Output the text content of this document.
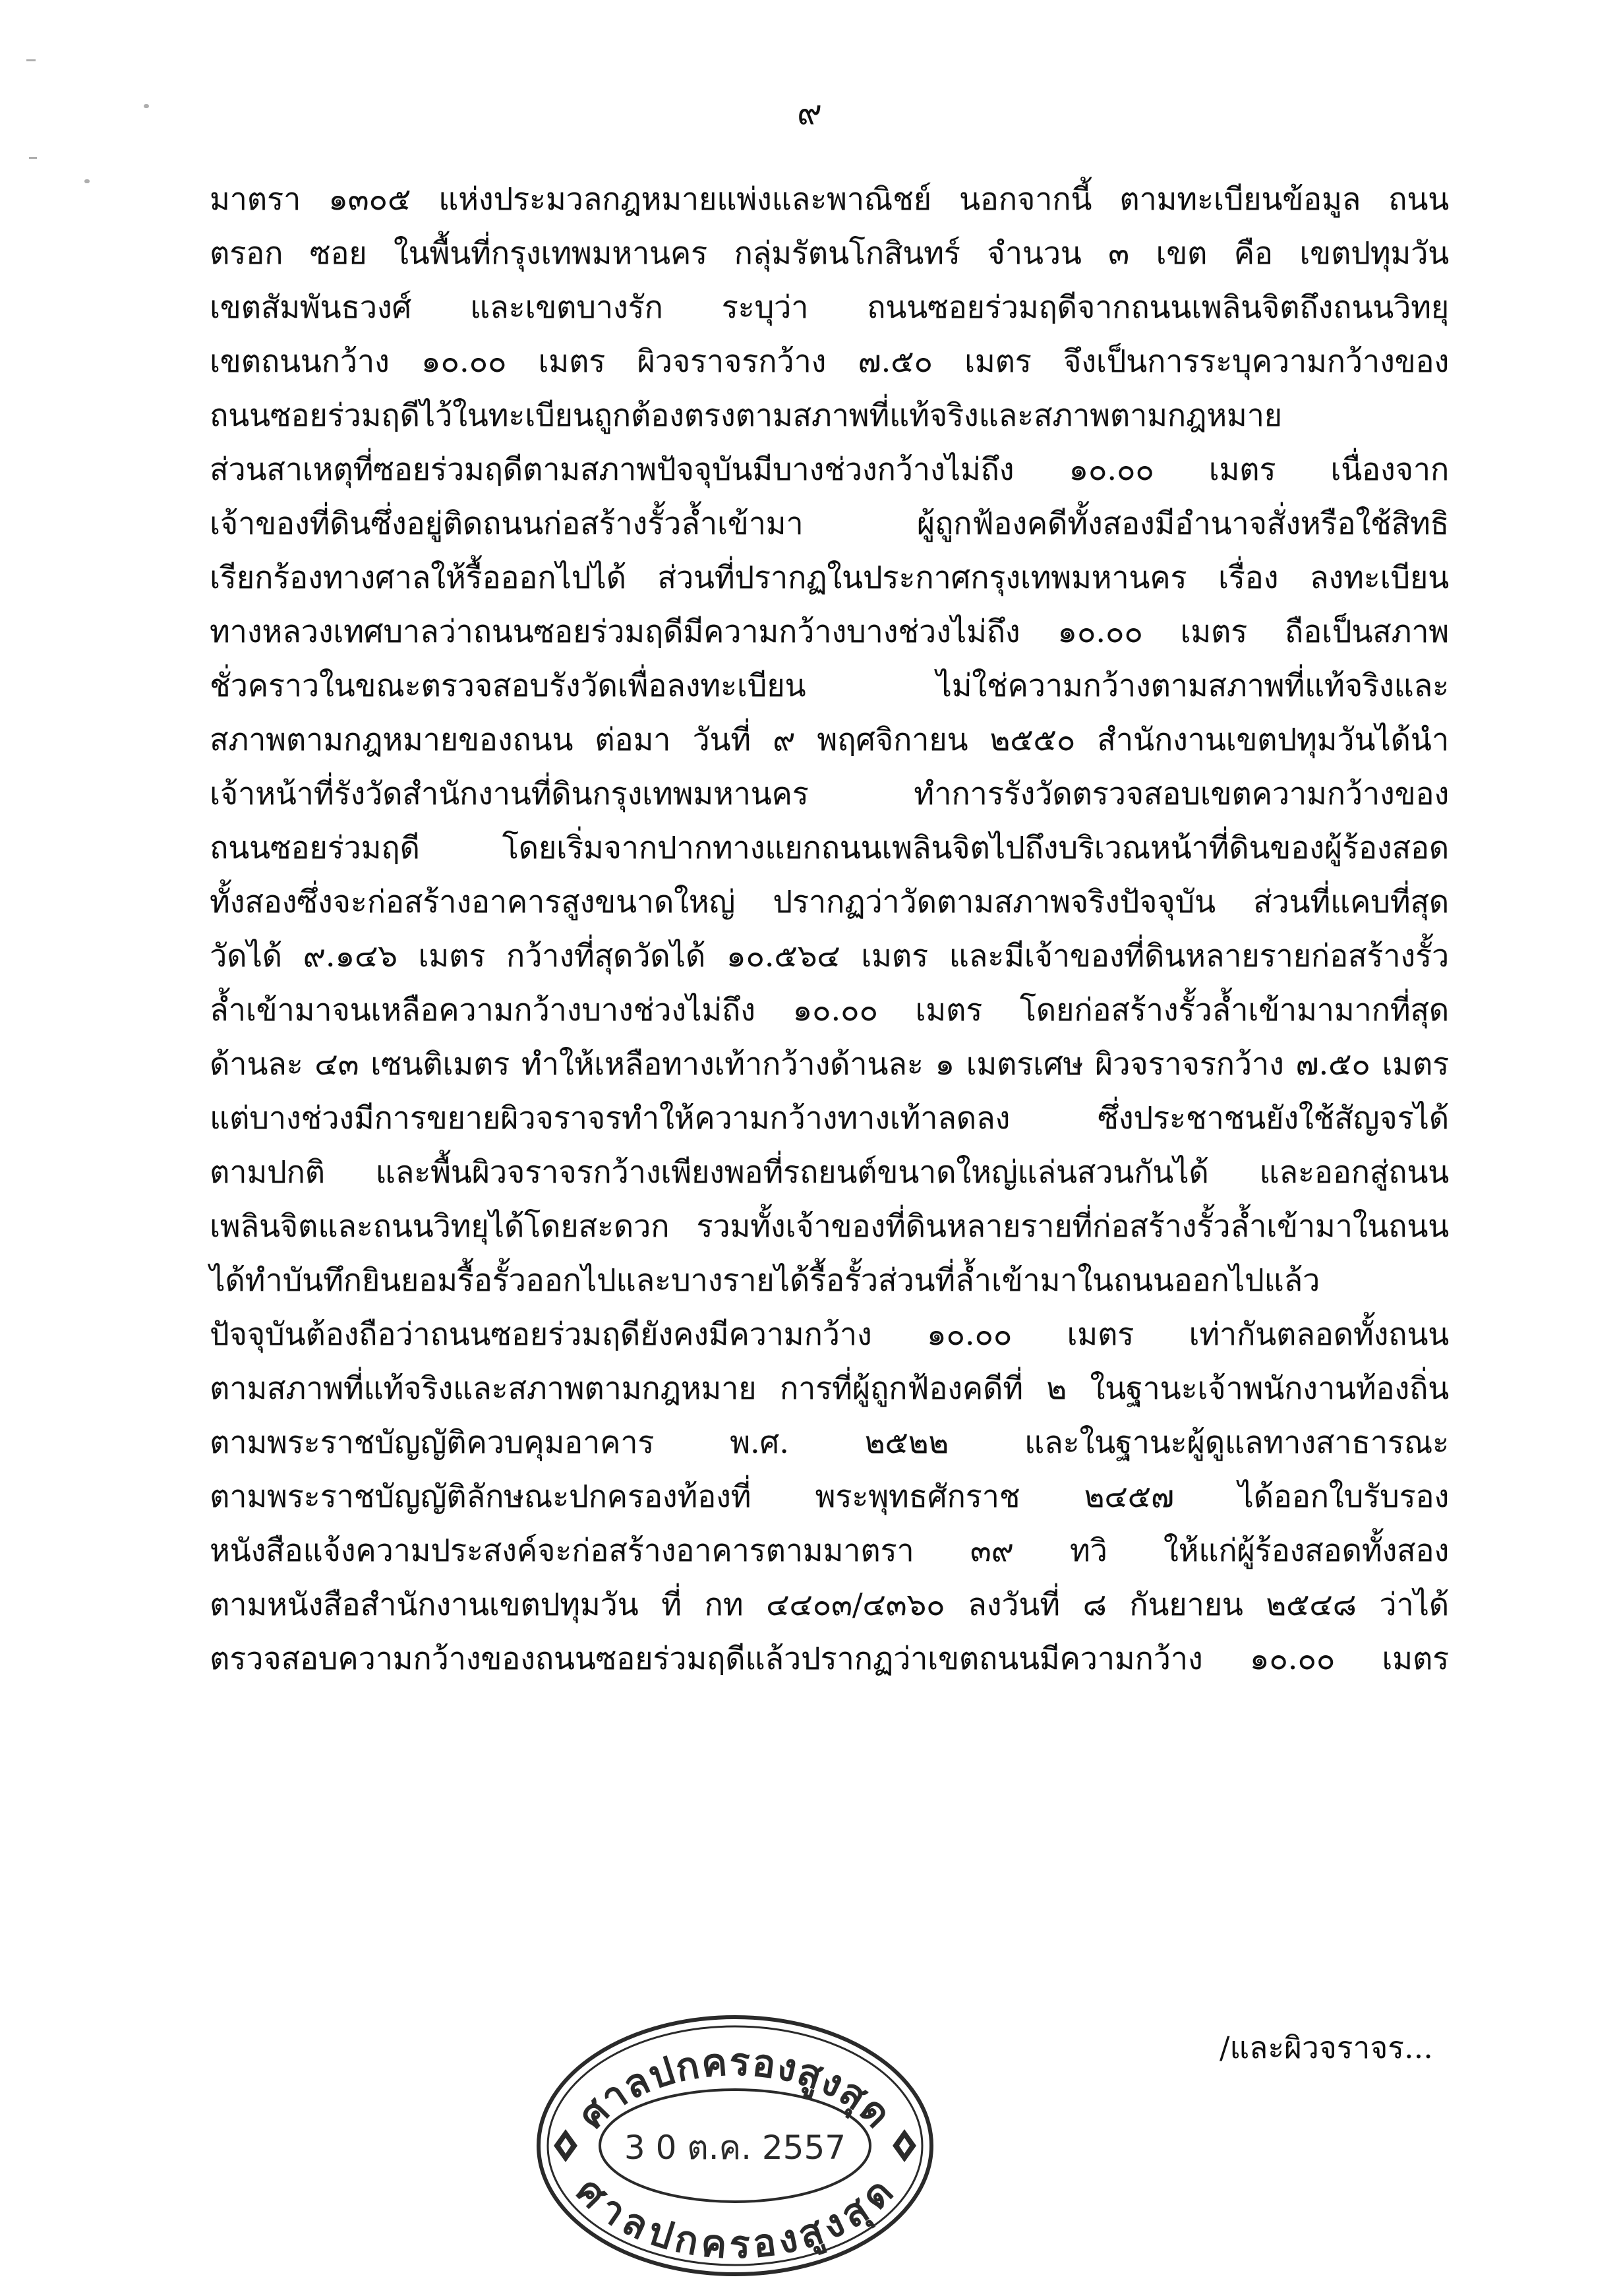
๙
มาตรา ๑๓๐๕ แห่งประมวลกฎหมายแพ่งและพาณิชย์ นอกจากนี้ ตามทะเบียนข้อมูล ถนน
ตรอก ซอย ในพื้นที่กรุงเทพมหานคร กลุ่มรัตนโกสินทร์ จำนวน ๓ เขต คือ เขตปทุมวัน
เขตสัมพันธวงศ์ และเขตบางรัก ระบุว่า ถนนซอยร่วมฤดีจากถนนเพลินจิตถึงถนนวิทยุ
เขตถนนกว้าง ๑๐.๐๐ เมตร ผิวจราจรกว้าง ๗.๕๐ เมตร จึงเป็นการระบุความกว้างของ
ถนนซอยร่วมฤดีไว้ในทะเบียนถูกต้องตรงตามสภาพที่แท้จริงและสภาพตามกฎหมาย
ส่วนสาเหตุที่ซอยร่วมฤดีตามสภาพปัจจุบันมีบางช่วงกว้างไม่ถึง ๑๐.๐๐ เมตร เนื่องจาก
เจ้าของที่ดินซึ่งอยู่ติดถนนก่อสร้างรั้วล้ำเข้ามา ผู้ถูกฟ้องคดีทั้งสองมีอำนาจสั่งหรือใช้สิทธิ
เรียกร้องทางศาลให้รื้อออกไปได้ ส่วนที่ปรากฏในประกาศกรุงเทพมหานคร เรื่อง ลงทะเบียน
ทางหลวงเทศบาลว่าถนนซอยร่วมฤดีมีความกว้างบางช่วงไม่ถึง ๑๐.๐๐ เมตร ถือเป็นสภาพ
ชั่วคราวในขณะตรวจสอบรังวัดเพื่อลงทะเบียน ไม่ใช่ความกว้างตามสภาพที่แท้จริงและ
สภาพตามกฎหมายของถนน ต่อมา วันที่ ๙ พฤศจิกายน ๒๕๕๐ สำนักงานเขตปทุมวันได้นำ
เจ้าหน้าที่รังวัดสำนักงานที่ดินกรุงเทพมหานคร ทำการรังวัดตรวจสอบเขตความกว้างของ
ถนนซอยร่วมฤดี โดยเริ่มจากปากทางแยกถนนเพลินจิตไปถึงบริเวณหน้าที่ดินของผู้ร้องสอด
ทั้งสองซึ่งจะก่อสร้างอาคารสูงขนาดใหญ่ ปรากฏว่าวัดตามสภาพจริงปัจจุบัน ส่วนที่แคบที่สุด
วัดได้ ๙.๑๔๖ เมตร กว้างที่สุดวัดได้ ๑๐.๕๖๔ เมตร และมีเจ้าของที่ดินหลายรายก่อสร้างรั้ว
ล้ำเข้ามาจนเหลือความกว้างบางช่วงไม่ถึง ๑๐.๐๐ เมตร โดยก่อสร้างรั้วล้ำเข้ามามากที่สุด
ด้านละ ๔๓ เซนติเมตร ทำให้เหลือทางเท้ากว้างด้านละ ๑ เมตรเศษ ผิวจราจรกว้าง ๗.๕๐ เมตร
แต่บางช่วงมีการขยายผิวจราจรทำให้ความกว้างทางเท้าลดลง ซึ่งประชาชนยังใช้สัญจรได้
ตามปกติ และพื้นผิวจราจรกว้างเพียงพอที่รถยนต์ขนาดใหญ่แล่นสวนกันได้ และออกสู่ถนน
เพลินจิตและถนนวิทยุได้โดยสะดวก รวมทั้งเจ้าของที่ดินหลายรายที่ก่อสร้างรั้วล้ำเข้ามาในถนน
ได้ทำบันทึกยินยอมรื้อรั้วออกไปและบางรายได้รื้อรั้วส่วนที่ล้ำเข้ามาในถนนออกไปแล้ว
ปัจจุบันต้องถือว่าถนนซอยร่วมฤดียังคงมีความกว้าง ๑๐.๐๐ เมตร เท่ากันตลอดทั้งถนน
ตามสภาพที่แท้จริงและสภาพตามกฎหมาย การที่ผู้ถูกฟ้องคดีที่ ๒ ในฐานะเจ้าพนักงานท้องถิ่น
ตามพระราชบัญญัติควบคุมอาคาร พ.ศ. ๒๕๒๒ และในฐานะผู้ดูแลทางสาธารณะ
ตามพระราชบัญญัติลักษณะปกครองท้องที่ พระพุทธศักราช ๒๔๕๗ ได้ออกใบรับรอง
หนังสือแจ้งความประสงค์จะก่อสร้างอาคารตามมาตรา ๓๙ ทวิ ให้แก่ผู้ร้องสอดทั้งสอง
ตามหนังสือสำนักงานเขตปทุมวัน ที่ กท ๔๔๐๓/๔๓๖๐ ลงวันที่ ๘ กันยายน ๒๕๔๘ ว่าได้
ตรวจสอบความกว้างของถนนซอยร่วมฤดีแล้วปรากฏว่าเขตถนนมีความกว้าง ๑๐.๐๐ เมตร
ศาลปกครองสูงสุด
ศาลปกครองสูงสุด
3 0 ต.ค. 2557
/และผิวจราจร...
